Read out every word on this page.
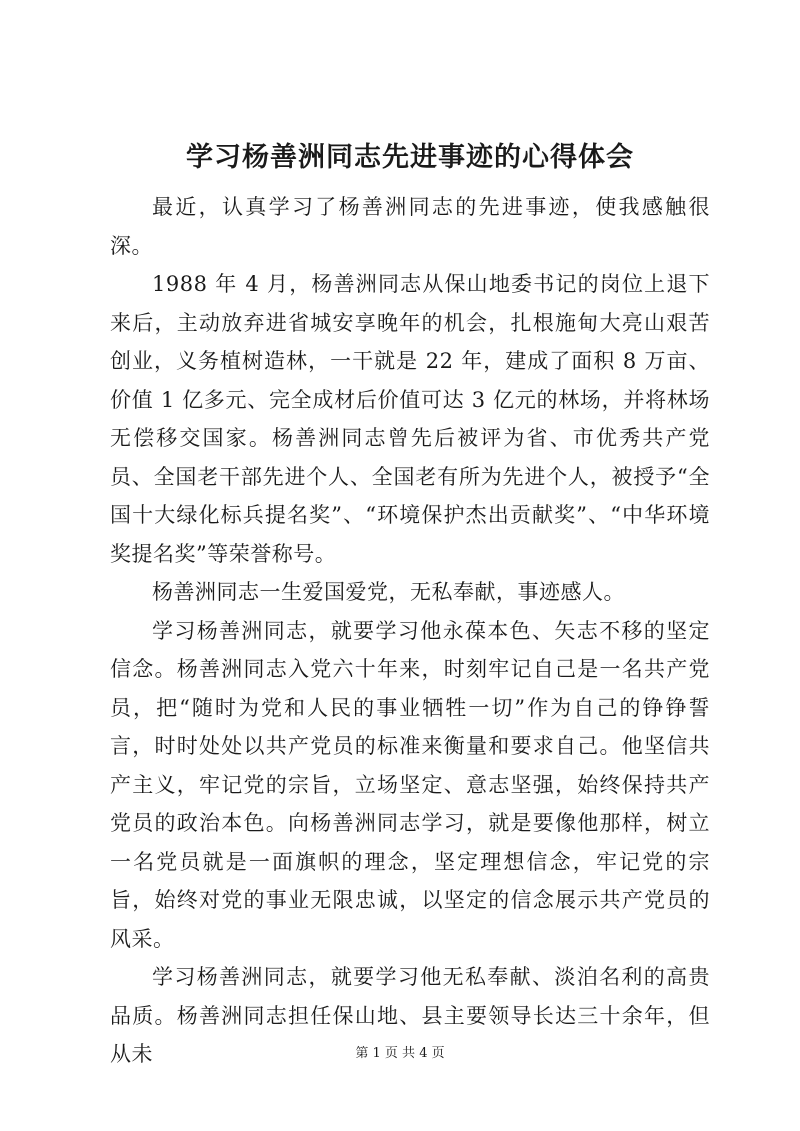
学习杨善洲同志先进事迹的心得体会

最近，认真学习了杨善洲同志的先进事迹，使我感触很深。

1988 年 4 月，杨善洲同志从保山地委书记的岗位上退下来后，主动放弃进省城安享晚年的机会，扎根施甸大亮山艰苦创业，义务植树造林，一干就是 22 年，建成了面积 8 万亩、价值 1 亿多元、完全成材后价值可达 3 亿元的林场，并将林场无偿移交国家。杨善洲同志曾先后被评为省、市优秀共产党员、全国老干部先进个人、全国老有所为先进个人，被授予“全国十大绿化标兵提名奖”、“环境保护杰出贡献奖”、“中华环境奖提名奖”等荣誉称号。

杨善洲同志一生爱国爱党，无私奉献，事迹感人。

学习杨善洲同志，就要学习他永葆本色、矢志不移的坚定信念。杨善洲同志入党六十年来，时刻牢记自己是一名共产党员，把“随时为党和人民的事业牺牲一切”作为自己的铮铮誓言，时时处处以共产党员的标准来衡量和要求自己。他坚信共产主义，牢记党的宗旨，立场坚定、意志坚强，始终保持共产党员的政治本色。向杨善洲同志学习，就是要像他那样，树立一名党员就是一面旗帜的理念，坚定理想信念，牢记党的宗旨，始终对党的事业无限忠诚，以坚定的信念展示共产党员的风采。

学习杨善洲同志，就要学习他无私奉献、淡泊名利的高贵品质。杨善洲同志担任保山地、县主要领导长达三十余年，但从未	第 1 页 共 4 页
